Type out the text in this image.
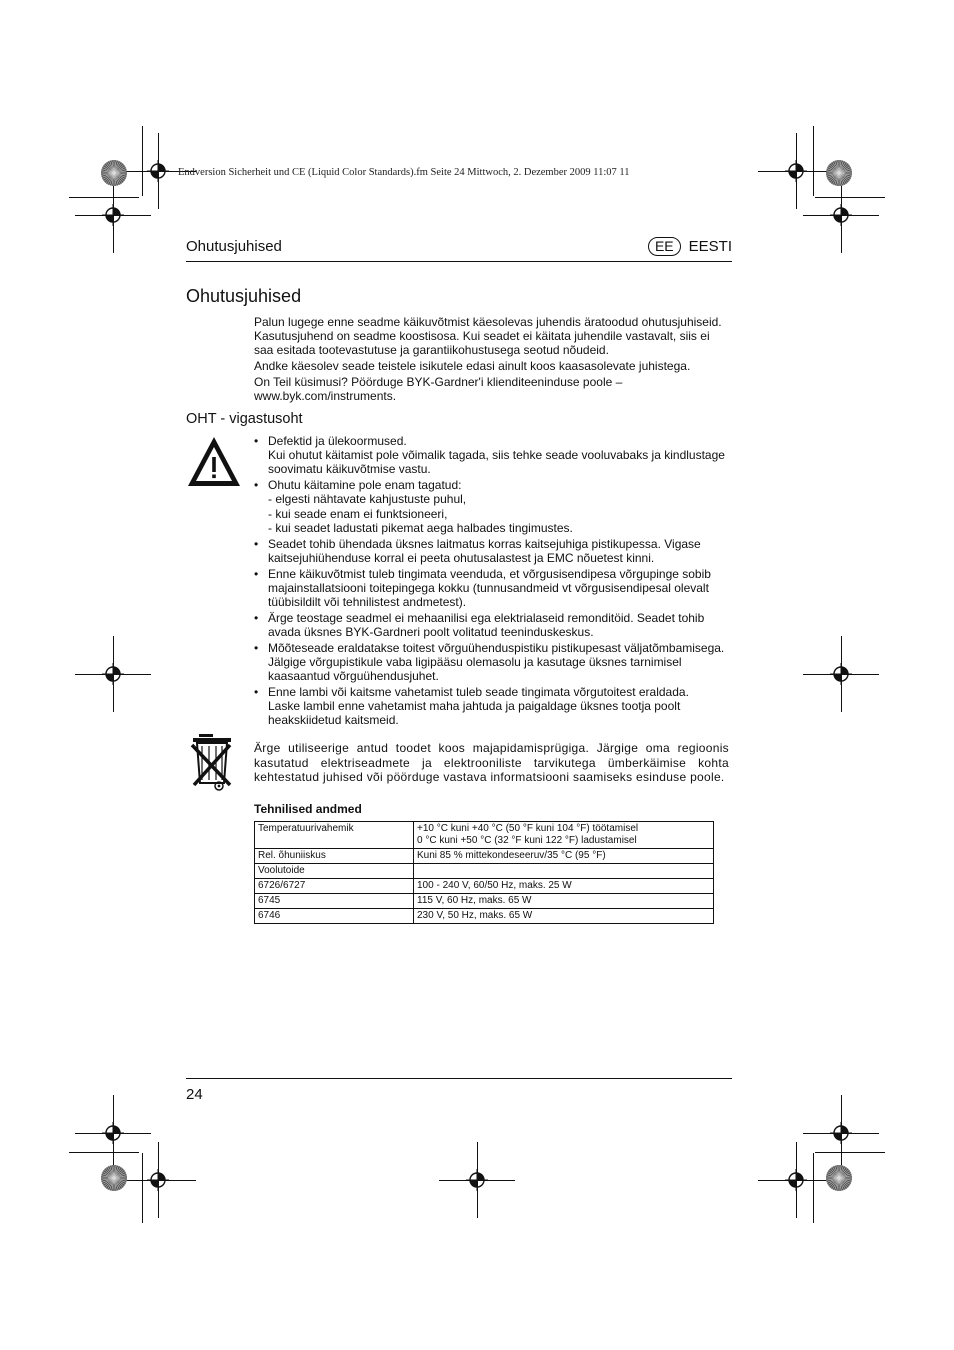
Endversion Sicherheit und CE (Liquid Color Standards).fm Seite 24 Mittwoch, 2. Dezember 2009 11:07 11
Ohutusjuhised	EE	EESTI
Ohutusjuhised

Palun lugege enne seadme käikuvõtmist käesolevas juhendis äratoodud ohutusjuhiseid. Kasutusjuhend on seadme koostisosa. Kui seadet ei käitata juhendile vastavalt, siis ei saa esitada tootevastutuse ja garantiikohustusega seotud nõudeid.

Andke käesolev seade teistele isikutele edasi ainult koos kaasasolevate juhistega.

On Teil küsimusi? Pöörduge BYK-Gardner'i klienditeeninduse poole – www.byk.com/instruments.

OHT - vigastusoht
• Defektid ja ülekoormused.
Kui ohutut käitamist pole võimalik tagada, siis tehke seade vooluvabaks ja kindlustage soovimatu käikuvõtmise vastu.
• Ohutu käitamine pole enam tagatud:
- elgesti nähtavate kahjustuste puhul,
- kui seade enam ei funktsioneeri,
- kui seadet ladustati pikemat aega halbades tingimustes.
• Seadet tohib ühendada üksnes laitmatus korras kaitsejuhiga pistikupessa. Vigase kaitsejuhiühenduse korral ei peeta ohutusalastest ja EMC nõuetest kinni.
• Enne käikuvõtmist tuleb tingimata veenduda, et võrgusisendipesa võrgupinge sobib majainstallatsiooni toitepingega kokku (tunnusandmeid vt võrgusisendipesal olevalt tüübisildilt või tehnilistest andmetest).
• Ärge teostage seadmel ei mehaanilisi ega elektrialaseid remonditöid. Seadet tohib avada üksnes BYK-Gardneri poolt volitatud teeninduskeskus.
• Mõõteseade eraldatakse toitest võrguühenduspistiku pistikupesast väljatõmbamisega. Jälgige võrgupistikule vaba ligipääsu olemasolu ja kasutage üksnes tarnimisel kaasaantud võrguühendusjuhet.
• Enne lambi või kaitsme vahetamist tuleb seade tingimata võrgutoitest eraldada.
Laske lambil enne vahetamist maha jahtuda ja paigaldage üksnes tootja poolt heakskiidetud kaitsmeid.
Ärge utiliseerige antud toodet koos majapidamisprügiga. Järgige oma regioonis kasutatud elektriseadmete ja elektrooniliste tarvikutega ümberkäimise kohta kehtestatud juhised või pöörduge vastava informatsiooni saamiseks esinduse poole.
Tehnilised andmed
Temperatuurivahemik	+10 °C kuni +40 °C (50 °F kuni 104 °F) töötamisel
0 °C kuni +50 °C (32 °F kuni 122 °F) ladustamisel

Rel. õhuniiskus	Kuni 85 % mittekondeseeruv/35 °C (95 °F)

Voolutoide	

6726/6727	100 - 240 V, 60/50 Hz, maks. 25 W

6745	115 V, 60 Hz, maks. 65 W

6746	230 V, 50 Hz, maks. 65 W
24
